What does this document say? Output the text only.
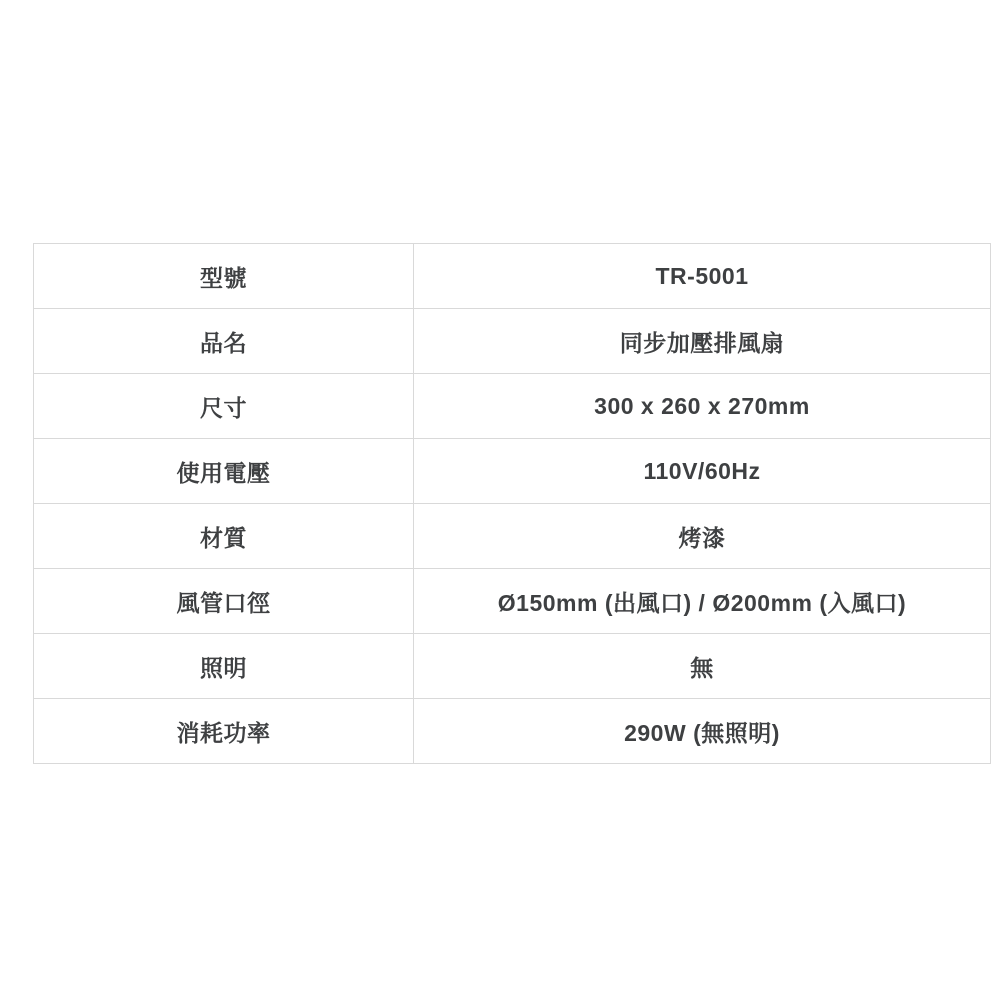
型號	TR-5001
品名	同步加壓排風扇
尺寸	300 x 260 x 270mm
使用電壓	110V/60Hz
材質	烤漆
風管口徑	Ø150mm (出風口) / Ø200mm (入風口)
照明	無
消耗功率	290W (無照明)
